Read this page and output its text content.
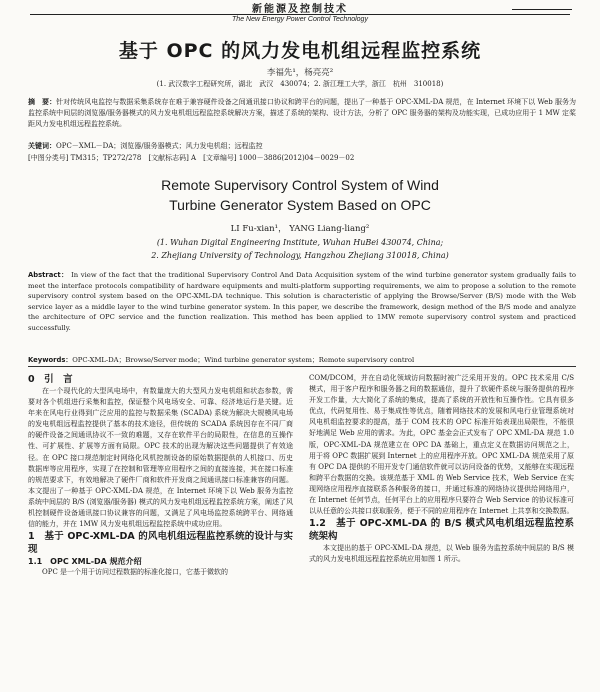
新能源及控制技术
The New Energy Power Control Technology
基于 OPC 的风力发电机组远程监控系统
李福先¹，杨亮亮²
(1. 武汉数字工程研究所，湖北　武汉　430074；2. 浙江理工大学，浙江　杭州　310018)
摘　要：针对传统风电监控与数据采集系统存在难于兼容硬件设备之间通讯接口协议和跨平台的问题，提出了一种基于 OPC-XML-DA 规范，在 Internet 环境下以 Web 服务为监控系统中间层的浏览器/服务器模式的风力发电机组远程监控系统解决方案，描述了系统的架构、设计方法，分析了 OPC 服务器的架构及功能实现，已成功应用于 1 MW 定桨距风力发电机组远程监控系统。
关键词：OPC－XML－DA；浏览器/服务器模式；风力发电机组；远程监控
[中图分类号] TM315；TP272/278　[文献标志码] A　[文章编号] 1000－3886(2012)04－0029－02
Remote Supervisory Control System of Wind
Turbine Generator System Based on OPC
LI Fu-xian¹， YANG Liang-liang²
(1. Wuhan Digital Engineering Institute, Wuhan HuBei 430074, China;
2. Zhejiang University of Technology, Hangzhou Zhejiang 310018, China)
Abstract： In view of the fact that the traditional Supervisory Control And Data Acquisition system of the wind turbine generator system gradually fails to meet the interface protocols compatibility of hardware equipments and multi-platform supporting requirements, we aim to propose a solution to the remote supervisory control system based on the OPC-XML-DA technique. This solution is characteristic of applying the Browse/Server (B/S) mode with the Web service layer as a middle layer to the wind turbine generator system. In this paper, we describe the framework, design method of the B/S mode and analyze the architecture of OPC service and the function realization. This method has been applied to 1MW remote supervisory control system and practiced successfully.
Keywords：OPC-XML-DA；Browse/Server mode；Wind turbine generator system；Remote supervisory control

0　引　言

在一个现代化的大型风电场中，有数量庞大的大型风力发电机组和状态参数，需要对各个机组进行采集和监控，保证整个风电场安全、可靠、经济地运行是关键。近年来在风电行业得到广泛应用的监控与数据采集 (SCADA) 系统为解决大规模风电场的发电机组远程监控提供了基本的技术途径，但传统的 SCADA 系统因存在不同厂商的硬件设备之间通讯协议不一致的难题，又存在软件平台的局限性，在信息的互操作性、可扩展性、扩展等方面有局限。OPC 技术的出现为解决这些问题提供了有效途径。在 OPC 接口规范制定时网络化风机控制设备的原始数据提供的人机接口、历史数据库等应用程序，实现了在控制和管理等应用程序之间的直接连接，其在接口标准的规范要求下，有效地解决了硬件厂商和软件开发商之间通讯接口标准兼容的问题。本文提出了一种基于 OPC-XML-DA 规范，在 Internet 环境下以 Web 服务为监控系统中间层的 B/S (浏览器/服务器) 模式的风力发电机组远程监控系统方案，阐述了风机控制硬件设备通讯接口协议兼容的问题，又满足了风电场监控系统跨平台、网络通信的能力，并在 1MW 风力发电机组远程监控系统中成功应用。

1　基于 OPC-XML-DA 的风电机组远程监控系统的设计与实现

1.1　OPC XML-DA 规范介绍

OPC 是一个用于访问过程数据的标准化接口，它基于微软的

COM/DCOM，并在自动化领域访问数据时被广泛采用开发的。OPC 技术采用 C/S 模式，用于客户程序和服务器之间的数据通信，提升了软硬件系统与服务提供的程序开发工作量，大大简化了系统的集成，提高了系统的开放性和互操作性。它具有很多优点，代码复用性、易于集成性等优点，随着网络技术的发展和风电行业管理系统对风电机组监控要求的提高，基于 COM 技术的 OPC 标准开始表现出局限性，不能很好地满足 Web 应用的需求。为此，OPC 基金会正式发布了 OPC XML-DA 规范 1.0 版，OPC-XML-DA 规范建立在 OPC DA 基础上，重点定义在数据访问规范之上，用于将 OPC 数据扩展到 Internet 上的应用程序开放。OPC XML-DA 规范采用了原有 OPC DA 提供的不用开发专门通信软件就可以访问设备的优势，又能够在实现远程和跨平台数据的交换。该规范基于 XML 的 Web Service 技术，Web Service 在实现网络应用程序直接联系各种服务的接口，并通过标准的网络协议提供给网络用户，在 Internet 任何节点，任何平台上的应用程序只要符合 Web Service 的协议标准可以从任意的公共接口获取服务，便于不同的应用程序在 Internet 上共享和交换数据。

1.2　基于 OPC-XML-DA 的 B/S 模式风电机组远程监控系统架构

本文提出的基于 OPC-XML-DA 规范，以 Web 服务为监控系统中间层的 B/S 模式的风力发电机组远程监控系统应用如图 1 所示。
